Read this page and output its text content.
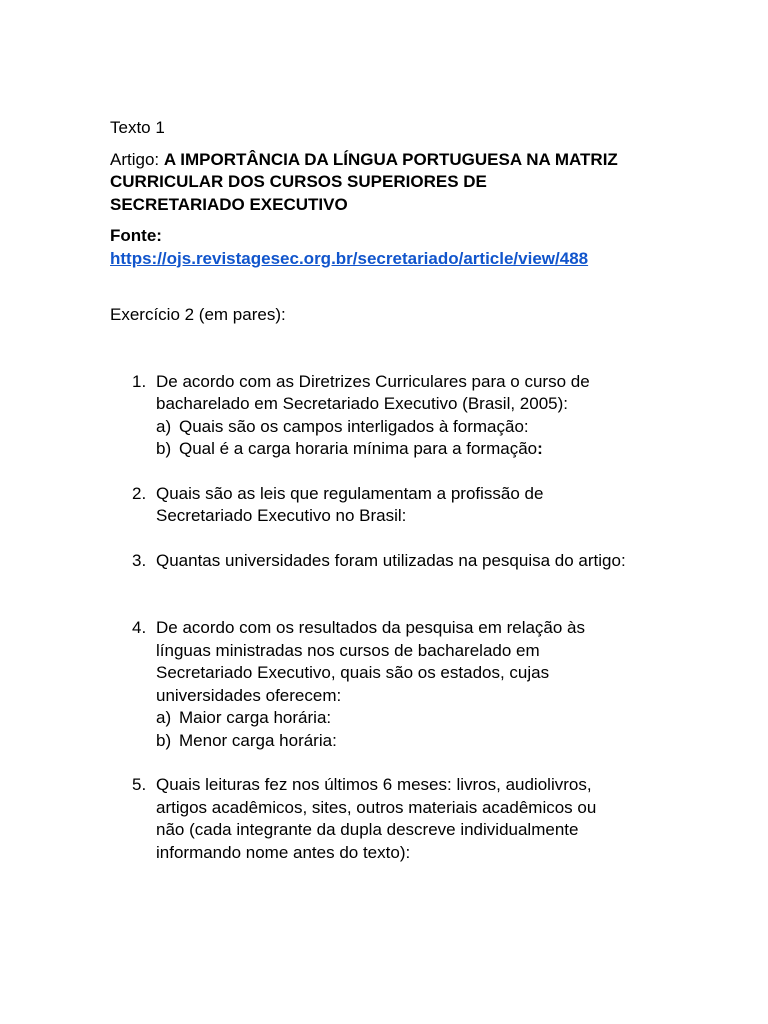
Texto 1
Artigo: A IMPORTÂNCIA DA LÍNGUA PORTUGUESA NA MATRIZ
CURRICULAR DOS CURSOS SUPERIORES DE
SECRETARIADO EXECUTIVO
Fonte:
https://ojs.revistagesec.org.br/secretariado/article/view/488
Exercício 2 (em pares):
1. De acordo com as Diretrizes Curriculares para o curso de
bacharelado em Secretariado Executivo (Brasil, 2005):
a) Quais são os campos interligados à formação:
b) Qual é a carga horaria mínima para a formação:
2. Quais são as leis que regulamentam a profissão de
Secretariado Executivo no Brasil:
3. Quantas universidades foram utilizadas na pesquisa do artigo:
4. De acordo com os resultados da pesquisa em relação às
línguas ministradas nos cursos de bacharelado em
Secretariado Executivo, quais são os estados, cujas
universidades oferecem:
a) Maior carga horária:
b) Menor carga horária:
5. Quais leituras fez nos últimos 6 meses: livros, audiolivros,
artigos acadêmicos, sites, outros materiais acadêmicos ou
não (cada integrante da dupla descreve individualmente
informando nome antes do texto):
